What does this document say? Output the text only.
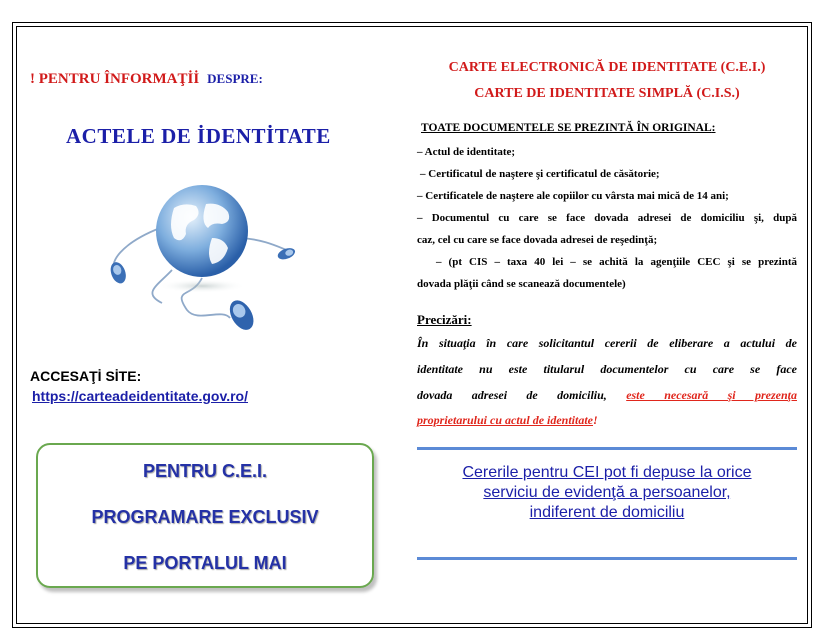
! PENTRU ÎNFORMAŢİİ DESPRE:
ACTELE DE İDENTİTATE
ACCESAŢİ SİTE:
https://carteadeidentitate.gov.ro/
PENTRU C.E.I.
PROGRAMARE EXCLUSIV
PE PORTALUL MAI
CARTE ELECTRONICĂ DE IDENTITATE (C.E.I.)
CARTE DE IDENTITATE SIMPLĂ (C.I.S.)
TOATE DOCUMENTELE SE PREZINTĂ ÎN ORIGINAL:
– Actul de identitate;
– Certificatul de naştere şi certificatul de căsătorie;
– Certificatele de naştere ale copiilor cu vârsta mai mică de 14 ani;
– Documentul cu care se face dovada adresei de domiciliu şi, după
caz, cel cu care se face dovada adresei de reşedinţă;
– (pt CIS – taxa 40 lei – se achită la agenţiile CEC şi se prezintă
dovada plăţii când se scanează documentele)
Precizări:
În situaţia în care solicitantul cererii de eliberare a actului de
identitate nu este titularul documentelor cu care se face
dovada adresei de domiciliu, este necesară şi prezenţa
proprietarului cu actul de identitate!
Cererile pentru CEI pot fi depuse la orice
serviciu de evidenţă a persoanelor,
indiferent de domiciliu
